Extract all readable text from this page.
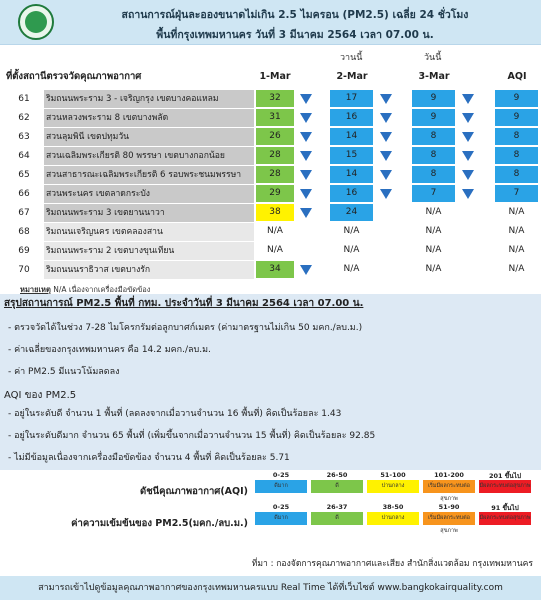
สถานการณ์ฝุ่นละอองขนาดไม่เกิน 2.5 ไมครอน (PM2.5) เฉลี่ย 24 ชั่วโมง
พื้นที่กรุงเทพมหานคร วันที่ 3 มีนาคม 2564 เวลา 07.00 น.
วานนี้	วันนี้
ที่ตั้งสถานีตรวจวัดคุณภาพอากาศ	1-Mar	2-Mar	3-Mar	AQI
61	ริมถนนพระราม 3 - เจริญกรุง เขตบางคอแหลม	32	17	9	9
62	สวนหลวงพระราม 8 เขตบางพลัด	31	16	9	9
63	สวนลุมพินี เขตปทุมวัน	26	14	8	8
64	สวนเฉลิมพระเกียรติ 80 พรรษา เขตบางกอกน้อย	28	15	8	8
65	สวนสาธารณะเฉลิมพระเกียรติ 6 รอบพระชนมพรรษา	28	14	8	8
66	สวนพระนคร เขตลาดกระบัง	29	16	7	7
67	ริมถนนพระราม 3 เขตยานนาวา	38	24	N/A	N/A
68	ริมถนนเจริญนคร เขตคลองสาน	N/A	N/A	N/A	N/A
69	ริมถนนพระราม 2 เขตบางขุนเทียน	N/A	N/A	N/A	N/A
70	ริมถนนนราธิวาส เขตบางรัก	34	N/A	N/A	N/A
หมายเหตุ N/A เนื่องจากเครื่องมือขัดข้อง
สรุปสถานการณ์ PM2.5 พื้นที่ กทม. ประจำวันที่ 3 มีนาคม 2564 เวลา 07.00 น.
- ตรวจวัดได้ในช่วง 7-28 ไมโครกรัมต่อลูกบาศก์เมตร (ค่ามาตรฐานไม่เกิน 50 มคก./ลบ.ม.)
- ค่าเฉลี่ยของกรุงเทพมหานคร คือ 14.2 มคก./ลบ.ม.
- ค่า PM2.5 มีแนวโน้มลดลง
AQI ของ PM2.5
- อยู่ในระดับดี จำนวน 1 พื้นที่ (ลดลงจากเมื่อวานจำนวน 16 พื้นที่) คิดเป็นร้อยละ 1.43
- อยู่ในระดับดีมาก จำนวน 65 พื้นที่ (เพิ่มขึ้นจากเมื่อวานจำนวน 15 พื้นที่) คิดเป็นร้อยละ 92.85
- ไม่มีข้อมูลเนื่องจากเครื่องมือขัดข้อง จำนวน 4 พื้นที่ คิดเป็นร้อยละ 5.71
ดัชนีคุณภาพอากาศ(AQI)
ค่าความเข้มข้นของ PM2.5(มคก./ลบ.ม.)
0-25
ดีมาก
0-25
ดีมาก
26-50
ดี
26-37
ดี
51-100
ปานกลาง
38-50
ปานกลาง
101-200
เริ่มมีผลกระทบต่อสุขภาพ
51-90
เริ่มมีผลกระทบต่อสุขภาพ
201 ขึ้นไป
มีผลกระทบต่อสุขภาพ
91 ขึ้นไป
มีผลกระทบต่อสุขภาพ
ที่มา : กองจัดการคุณภาพอากาศและเสียง สำนักสิ่งแวดล้อม กรุงเทพมหานคร
สามารถเข้าไปดูข้อมูลคุณภาพอากาศของกรุงเทพมหานครแบบ Real Time ได้ที่เว็บไซต์ www.bangkokairquality.com
